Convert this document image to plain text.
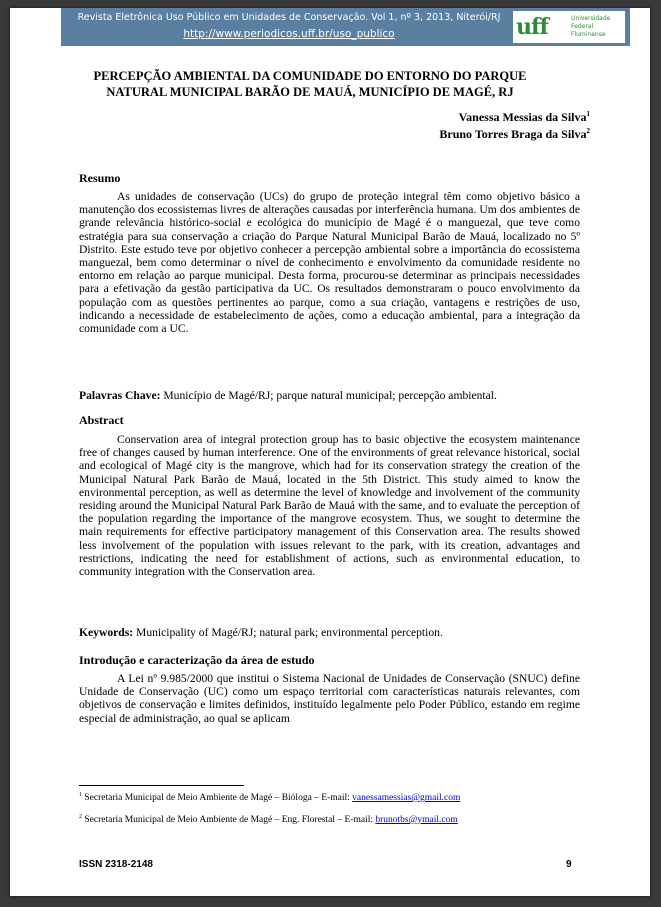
Revista Eletrônica Uso Público em Unidades de Conservação. Vol 1, nº 3, 2013, Niterói/RJ
http://www.periodicos.uff.br/uso_publico	uff	Universidade
Federal
Fluminense
PERCEPÇÃO AMBIENTAL DA COMUNIDADE DO ENTORNO DO PARQUE
NATURAL MUNICIPAL BARÃO DE MAUÁ, MUNICÍPIO DE MAGÉ, RJ
Vanessa Messias da Silva$^1$
Bruno Torres Braga da Silva$^2$
Resumo
As unidades de conservação (UCs) do grupo de proteção integral têm como objetivo básico a manutenção dos ecossistemas livres de alterações causadas por interferência humana. Um dos ambientes de grande relevância histórico-social e ecológica do município de Magé é o manguezal, que teve como estratégia para sua conservação a criação do Parque Natural Municipal Barão de Mauá, localizado no 5º Distrito. Este estudo teve por objetivo conhecer a percepção ambiental sobre a importância do ecossistema manguezal, bem como determinar o nível de conhecimento e envolvimento da comunidade residente no entorno em relação ao parque municipal. Desta forma, procurou-se determinar as principais necessidades para a efetivação da gestão participativa da UC. Os resultados demonstraram o pouco envolvimento da população com as questões pertinentes ao parque, como a sua criação, vantagens e restrições de uso, indicando a necessidade de estabelecimento de ações, como a educação ambiental, para a integração da comunidade com a UC.
Palavras Chave: Município de Magé/RJ; parque natural municipal; percepção ambiental.
Abstract
Conservation area of integral protection group has to basic objective the ecosystem maintenance free of changes caused by human interference. One of the environments of great relevance historical, social and ecological of Magé city is the mangrove, which had for its conservation strategy the creation of the Municipal Natural Park Barão de Mauá, located in the 5th District. This study aimed to know the environmental perception, as well as determine the level of knowledge and involvement of the community residing around the Municipal Natural Park Barão de Mauá with the same, and to evaluate the perception of the population regarding the importance of the mangrove ecosystem. Thus, we sought to determine the main requirements for effective participatory management of this Conservation area. The results showed less involvement of the population with issues relevant to the park, with its creation, advantages and restrictions, indicating the need for establishment of actions, such as environmental education, to community integration with the Conservation area.
Keywords: Municipality of Magé/RJ; natural park; environmental perception.
Introdução e caracterização da área de estudo
A Lei nº 9.985/2000 que institui o Sistema Nacional de Unidades de Conservação (SNUC) define Unidade de Conservação (UC) como um espaço territorial com características naturais relevantes, com objetivos de conservação e limites definidos, instituído legalmente pelo Poder Público, estando em regime especial de administração, ao qual se aplicam
$^1$ Secretaria Municipal de Meio Ambiente de Magé – Bióloga – E-mail: vanessamessias@gmail.com
$^2$ Secretaria Municipal de Meio Ambiente de Magé – Eng. Florestal – E-mail: brunotbs@ymail.com
ISSN 2318-2148	9
